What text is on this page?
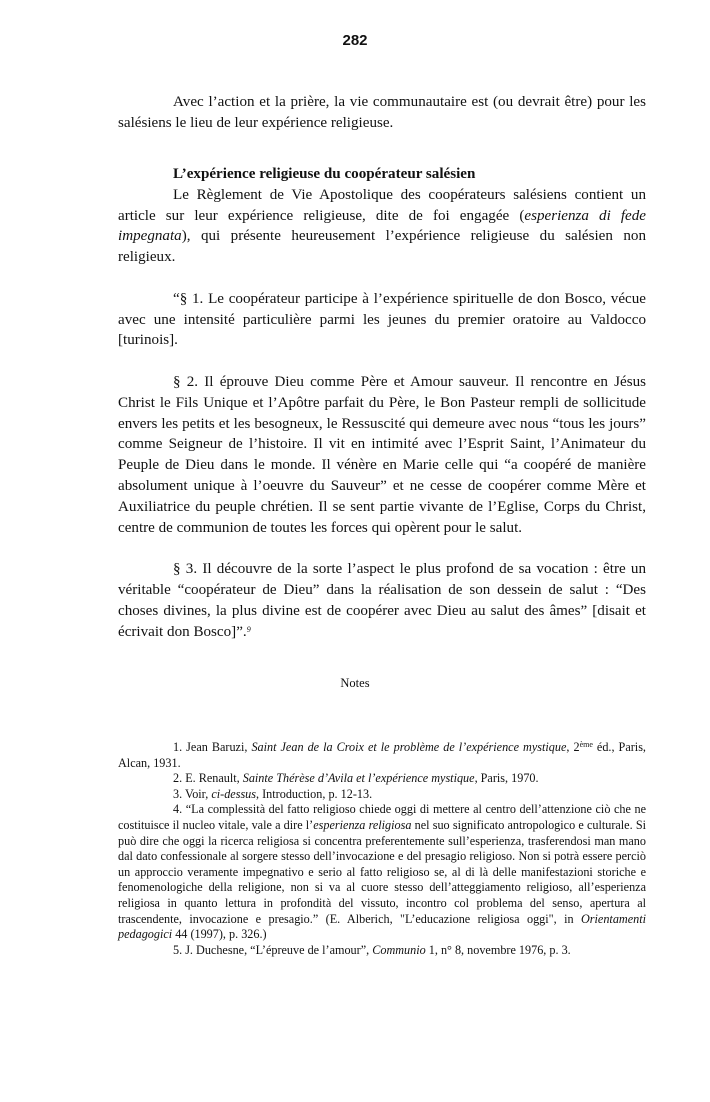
282

Avec l’action et la prière, la vie communautaire est (ou devrait être) pour les salésiens le lieu de leur expérience religieuse.

L’expérience religieuse du coopérateur salésien

Le Règlement de Vie Apostolique des coopérateurs salésiens contient un article sur leur expérience religieuse, dite de foi engagée (esperienza di fede impegnata), qui présente heureusement l’expérience religieuse du salésien non religieux.

“§ 1. Le coopérateur participe à l’expérience spirituelle de don Bosco, vécue avec une intensité particulière parmi les jeunes du premier oratoire au Valdocco [turinois].

§ 2. Il éprouve Dieu comme Père et Amour sauveur. Il rencontre en Jésus Christ le Fils Unique et l’Apôtre parfait du Père, le Bon Pasteur rempli de sollicitude envers les petits et les besogneux, le Ressuscité qui demeure avec nous “tous les jours” comme Seigneur de l’histoire. Il vit en intimité avec l’Esprit Saint, l’Animateur du Peuple de Dieu dans le monde. Il vénère en Marie celle qui “a coopéré de manière absolument unique à l’oeuvre du Sauveur” et ne cesse de coopérer comme Mère et Auxiliatrice du peuple chrétien. Il se sent partie vivante de l’Eglise, Corps du Christ, centre de communion de toutes les forces qui opèrent pour le salut.

§ 3. Il découvre de la sorte l’aspect le plus profond de sa vocation : être un véritable “coopérateur de Dieu” dans la réalisation de son dessein de salut : “Des choses divines, la plus divine est de coopérer avec Dieu au salut des âmes” [disait et écrivait don Bosco]”.$^9$

Notes

1. Jean Baruzi, Saint Jean de la Croix et le problème de l’expérience mystique, 2ème éd., Paris, Alcan, 1931.

2. E. Renault, Sainte Thérèse d’Avila et l’expérience mystique, Paris, 1970.

3. Voir, ci-dessus, Introduction, p. 12-13.

4. “La complessità del fatto religioso chiede oggi di mettere al centro dell’attenzione ciò che ne costituisce il nucleo vitale, vale a dire l’esperienza religiosa nel suo significato antropologico e culturale. Si può dire che oggi la ricerca religiosa si concentra preferentemente sull’esperienza, trasferendosi man mano dal dato confessionale al sorgere stesso dell’invocazione e del presagio religioso. Non si potrà essere perciò un approccio veramente impegnativo e serio al fatto religioso se, al di là delle manifestazioni storiche e fenomenologiche della religione, non si va al cuore stesso dell’atteggiamento religioso, all’esperienza religiosa in quanto lettura in profondità del vissuto, incontro col problema del senso, apertura al trascendente, invocazione e presagio.” (E. Alberich, "L’educazione religiosa oggi", in Orientamenti pedagogici 44 (1997), p. 326.)

5. J. Duchesne, “L’épreuve de l’amour”, Communio 1, n° 8, novembre 1976, p. 3.
